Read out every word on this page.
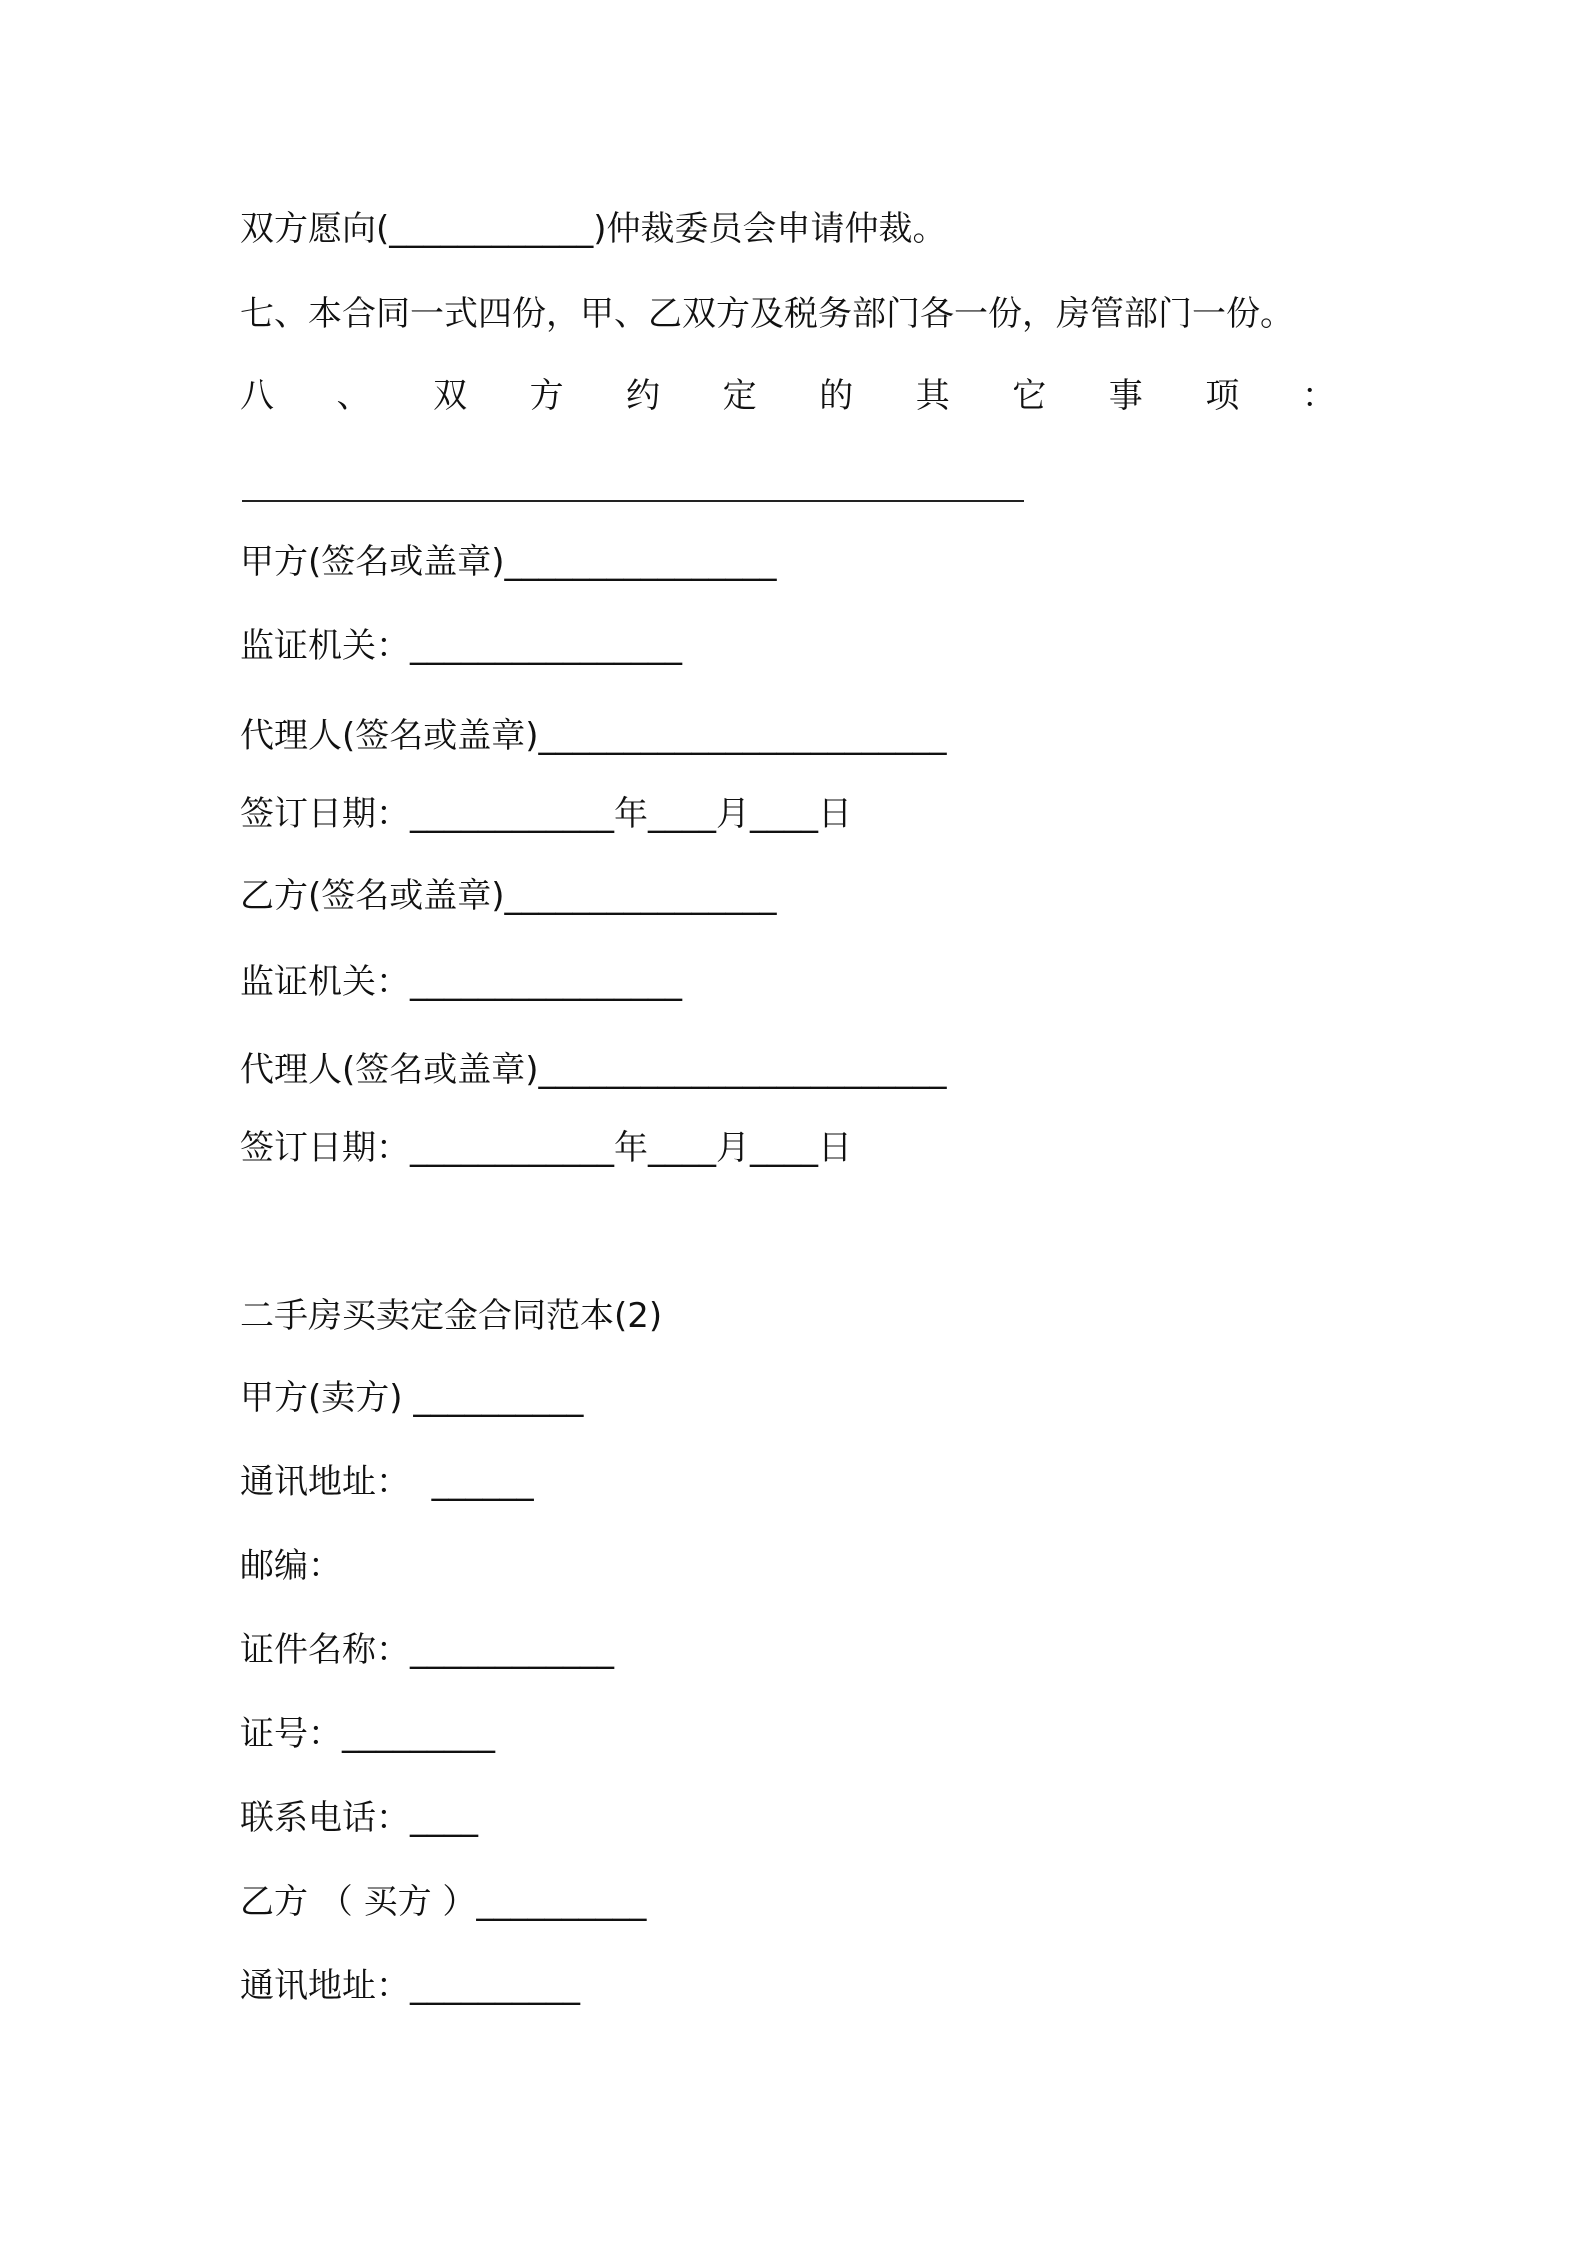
双方愿向(____________)仲裁委员会申请仲裁。
七、本合同一式四份，甲、乙双方及税务部门各一份，房管部门一份。
八 、 双 方 约 定 的 其 它 事 项 ：
甲方(签名或盖章)________________
监证机关：________________
代理人(签名或盖章)________________________
签订日期：____________年____月____日
乙方(签名或盖章)________________
监证机关：________________
代理人(签名或盖章)________________________
签订日期：____________年____月____日
二手房买卖定金合同范本(2)
甲方(卖方) __________
通讯地址：  ______
邮编：
证件名称：____________
证号：_________
联系电话：____
乙方 （ 买方 ）__________
通讯地址：__________
